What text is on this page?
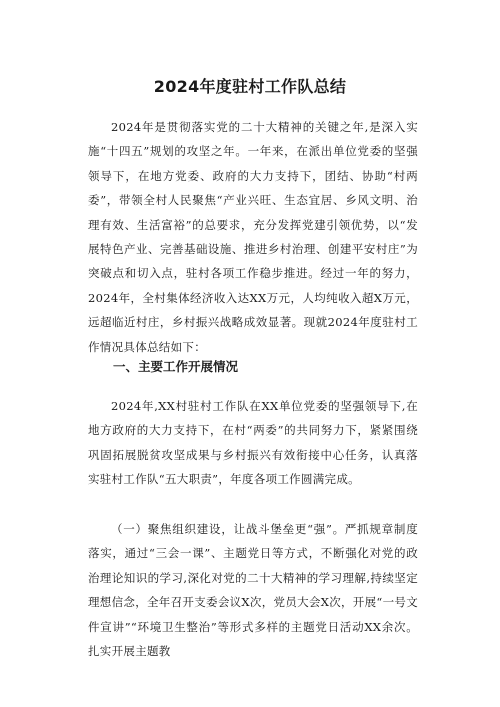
2024年度驻村工作队总结
2024年是贯彻落实党的二十大精神的关键之年,是深入实施“十四五”规划的攻坚之年。一年来，在派出单位党委的坚强领导下，在地方党委、政府的大力支持下，团结、协助“村两委”，带领全村人民聚焦“产业兴旺、生态宜居、乡风文明、治理有效、生活富裕”的总要求，充分发挥党建引领优势，以“发展特色产业、完善基础设施、推进乡村治理、创建平安村庄”为突破点和切入点，驻村各项工作稳步推进。经过一年的努力，2024年，全村集体经济收入达XX万元，人均纯收入超X万元，远超临近村庄，乡村振兴战略成效显著。现就2024年度驻村工作情况具体总结如下：
一、主要工作开展情况
2024年,XX村驻村工作队在XX单位党委的坚强领导下,在地方政府的大力支持下，在村“两委”的共同努力下，紧紧围绕巩固拓展脱贫攻坚成果与乡村振兴有效衔接中心任务，认真落实驻村工作队“五大职责”，年度各项工作圆满完成。
（一）聚焦组织建设，让战斗堡垒更“强”。严抓规章制度落实，通过“三会一课”、主题党日等方式，不断强化对党的政治理论知识的学习,深化对党的二十大精神的学习理解,持续坚定理想信念，全年召开支委会议X次，党员大会X次，开展“一号文件宣讲”“环境卫生整治”等形式多样的主题党日活动XX余次。扎实开展主题教
